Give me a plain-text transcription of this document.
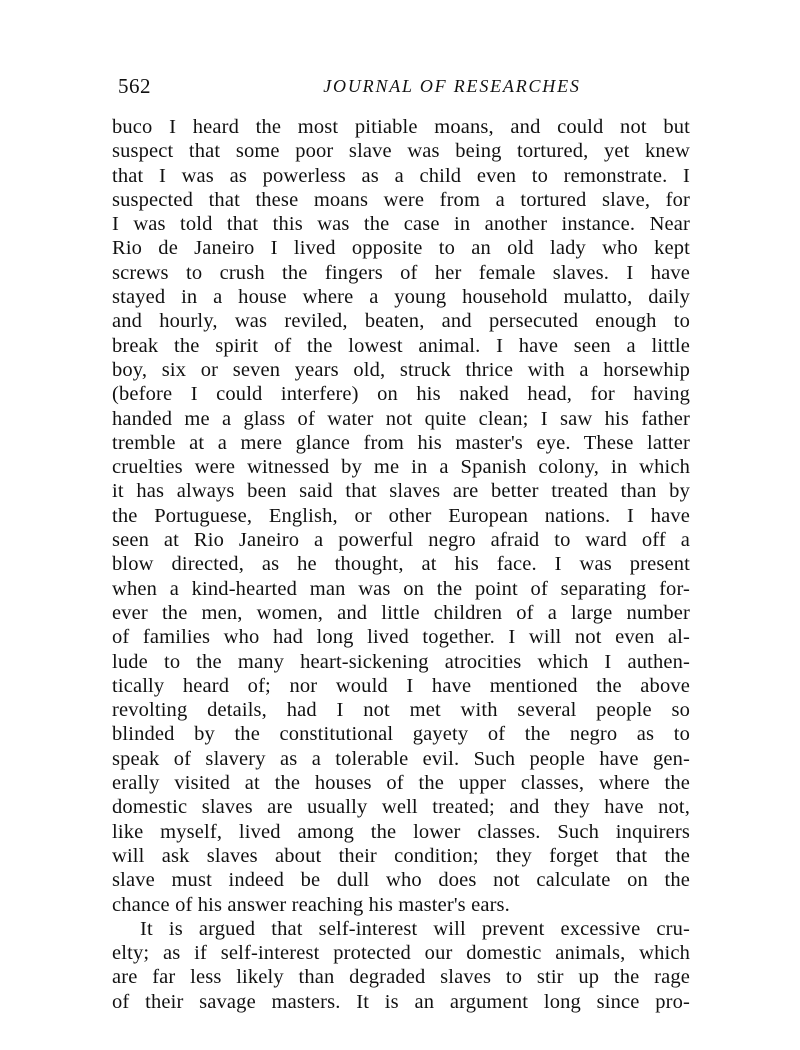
562	JOURNAL OF RESEARCHES
buco I heard the most pitiable moans, and could not but
suspect that some poor slave was being tortured, yet knew
that I was as powerless as a child even to remonstrate. I
suspected that these moans were from a tortured slave, for
I was told that this was the case in another instance. Near
Rio de Janeiro I lived opposite to an old lady who kept
screws to crush the fingers of her female slaves. I have
stayed in a house where a young household mulatto, daily
and hourly, was reviled, beaten, and persecuted enough to
break the spirit of the lowest animal. I have seen a little
boy, six or seven years old, struck thrice with a horsewhip
(before I could interfere) on his naked head, for having
handed me a glass of water not quite clean; I saw his father
tremble at a mere glance from his master's eye. These latter
cruelties were witnessed by me in a Spanish colony, in which
it has always been said that slaves are better treated than by
the Portuguese, English, or other European nations. I have
seen at Rio Janeiro a powerful negro afraid to ward off a
blow directed, as he thought, at his face. I was present
when a kind-hearted man was on the point of separating for-
ever the men, women, and little children of a large number
of families who had long lived together. I will not even al-
lude to the many heart-sickening atrocities which I authen-
tically heard of; nor would I have mentioned the above
revolting details, had I not met with several people so
blinded by the constitutional gayety of the negro as to
speak of slavery as a tolerable evil. Such people have gen-
erally visited at the houses of the upper classes, where the
domestic slaves are usually well treated; and they have not,
like myself, lived among the lower classes. Such inquirers
will ask slaves about their condition; they forget that the
slave must indeed be dull who does not calculate on the
chance of his answer reaching his master's ears.
It is argued that self-interest will prevent excessive cru-
elty; as if self-interest protected our domestic animals, which
are far less likely than degraded slaves to stir up the rage
of their savage masters. It is an argument long since pro-
